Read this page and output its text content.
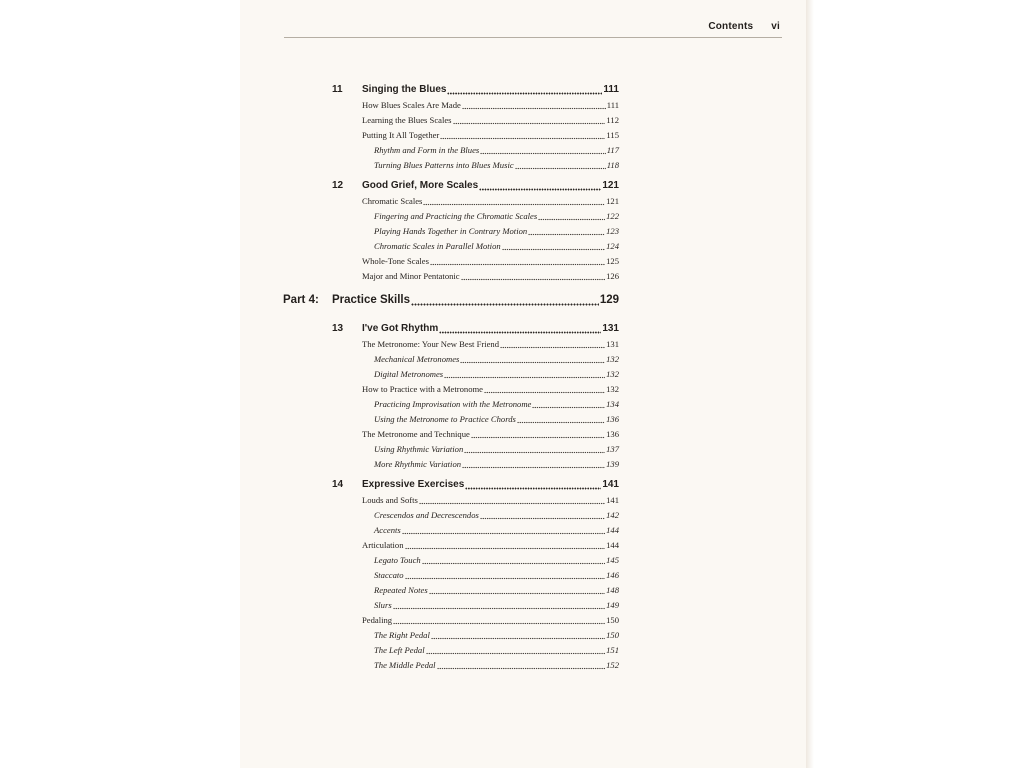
Contents vi
11 Singing the Blues	111
How Blues Scales Are Made	111
Learning the Blues Scales	112
Putting It All Together	115
Rhythm and Form in the Blues	117
Turning Blues Patterns into Blues Music	118
12 Good Grief, More Scales	121
Chromatic Scales	121
Fingering and Practicing the Chromatic Scales	122
Playing Hands Together in Contrary Motion	123
Chromatic Scales in Parallel Motion	124
Whole-Tone Scales	125
Major and Minor Pentatonic	126
Part 4:	Practice Skills	129
13 I've Got Rhythm	131
The Metronome: Your New Best Friend	131
Mechanical Metronomes	132
Digital Metronomes	132
How to Practice with a Metronome	132
Practicing Improvisation with the Metronome	134
Using the Metronome to Practice Chords	136
The Metronome and Technique	136
Using Rhythmic Variation	137
More Rhythmic Variation	139
14 Expressive Exercises	141
Louds and Softs	141
Crescendos and Decrescendos	142
Accents	144
Articulation	144
Legato Touch	145
Staccato	146
Repeated Notes	148
Slurs	149
Pedaling	150
The Right Pedal	150
The Left Pedal	151
The Middle Pedal	152
